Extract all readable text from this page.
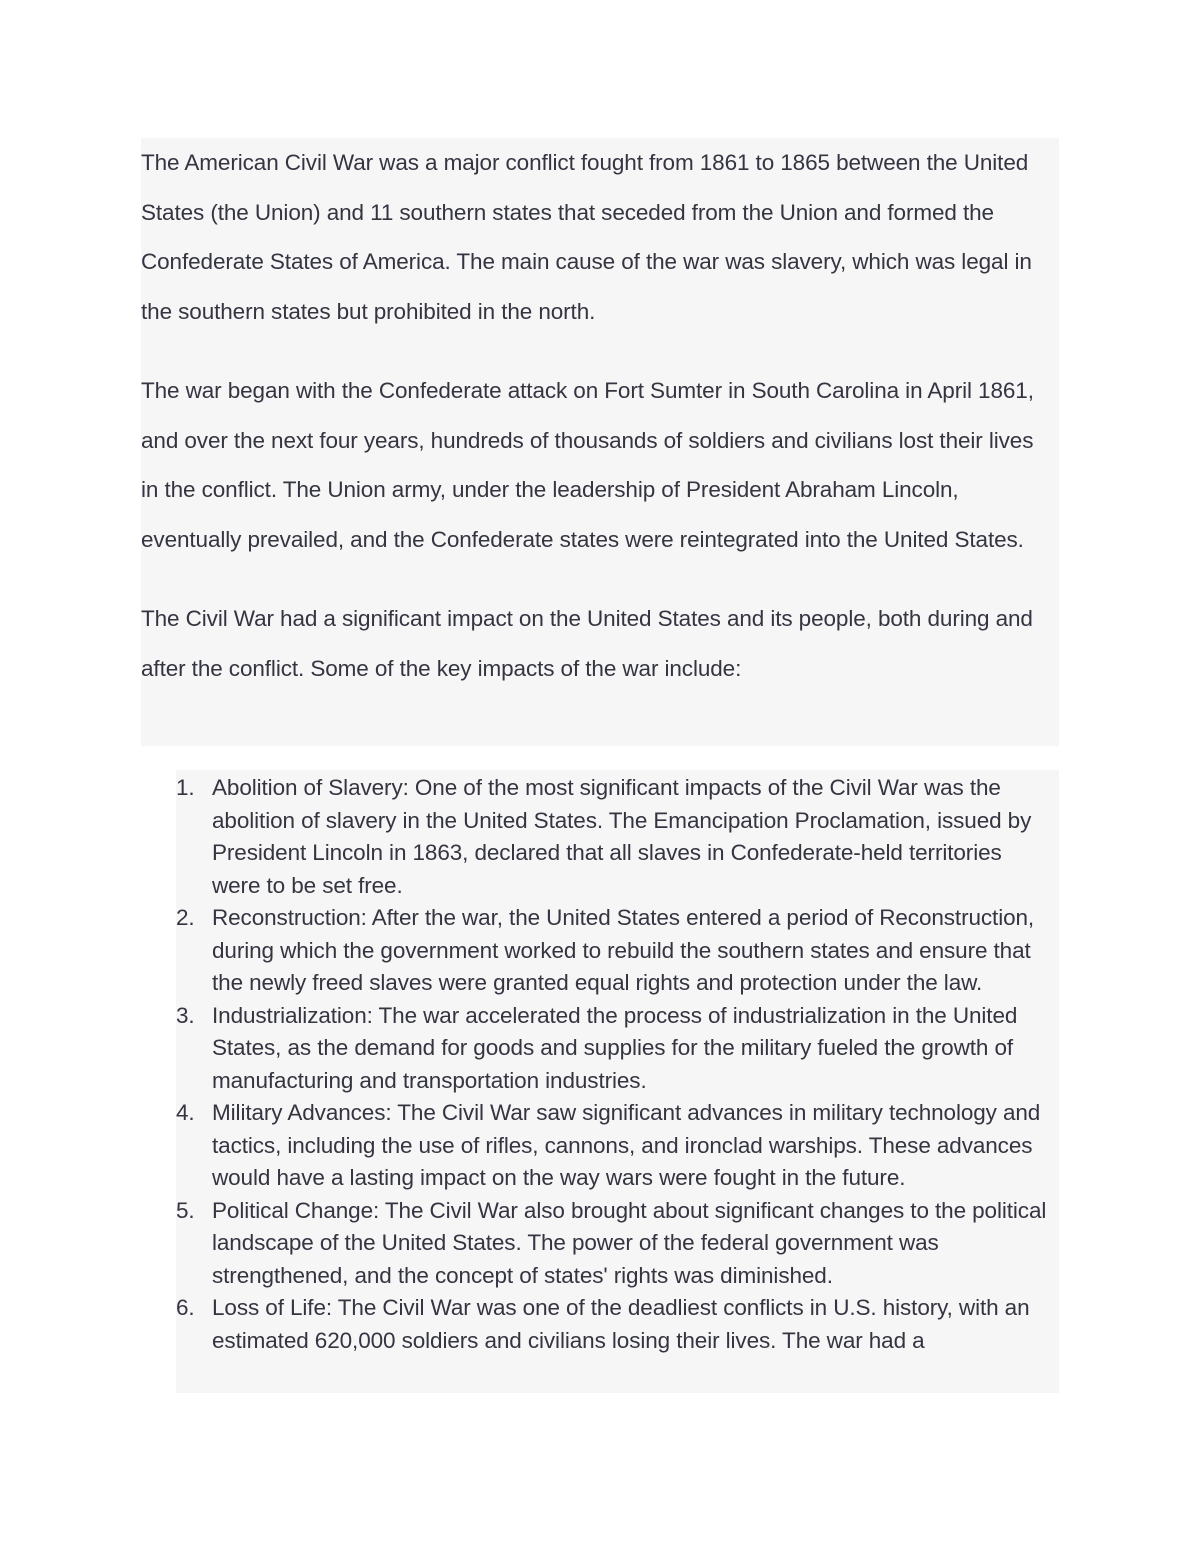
The American Civil War was a major conflict fought from 1861 to 1865 between the United States (the Union) and 11 southern states that seceded from the Union and formed the Confederate States of America. The main cause of the war was slavery, which was legal in the southern states but prohibited in the north.

The war began with the Confederate attack on Fort Sumter in South Carolina in April 1861, and over the next four years, hundreds of thousands of soldiers and civilians lost their lives in the conflict. The Union army, under the leadership of President Abraham Lincoln, eventually prevailed, and the Confederate states were reintegrated into the United States.

The Civil War had a significant impact on the United States and its people, both during and after the conflict. Some of the key impacts of the war include:

1. Abolition of Slavery: One of the most significant impacts of the Civil War was the abolition of slavery in the United States. The Emancipation Proclamation, issued by President Lincoln in 1863, declared that all slaves in Confederate-held territories were to be set free.
2. Reconstruction: After the war, the United States entered a period of Reconstruction, during which the government worked to rebuild the southern states and ensure that the newly freed slaves were granted equal rights and protection under the law.
3. Industrialization: The war accelerated the process of industrialization in the United States, as the demand for goods and supplies for the military fueled the growth of manufacturing and transportation industries.
4. Military Advances: The Civil War saw significant advances in military technology and tactics, including the use of rifles, cannons, and ironclad warships. These advances would have a lasting impact on the way wars were fought in the future.
5. Political Change: The Civil War also brought about significant changes to the political landscape of the United States. The power of the federal government was strengthened, and the concept of states' rights was diminished.
6. Loss of Life: The Civil War was one of the deadliest conflicts in U.S. history, with an estimated 620,000 soldiers and civilians losing their lives. The war had a
